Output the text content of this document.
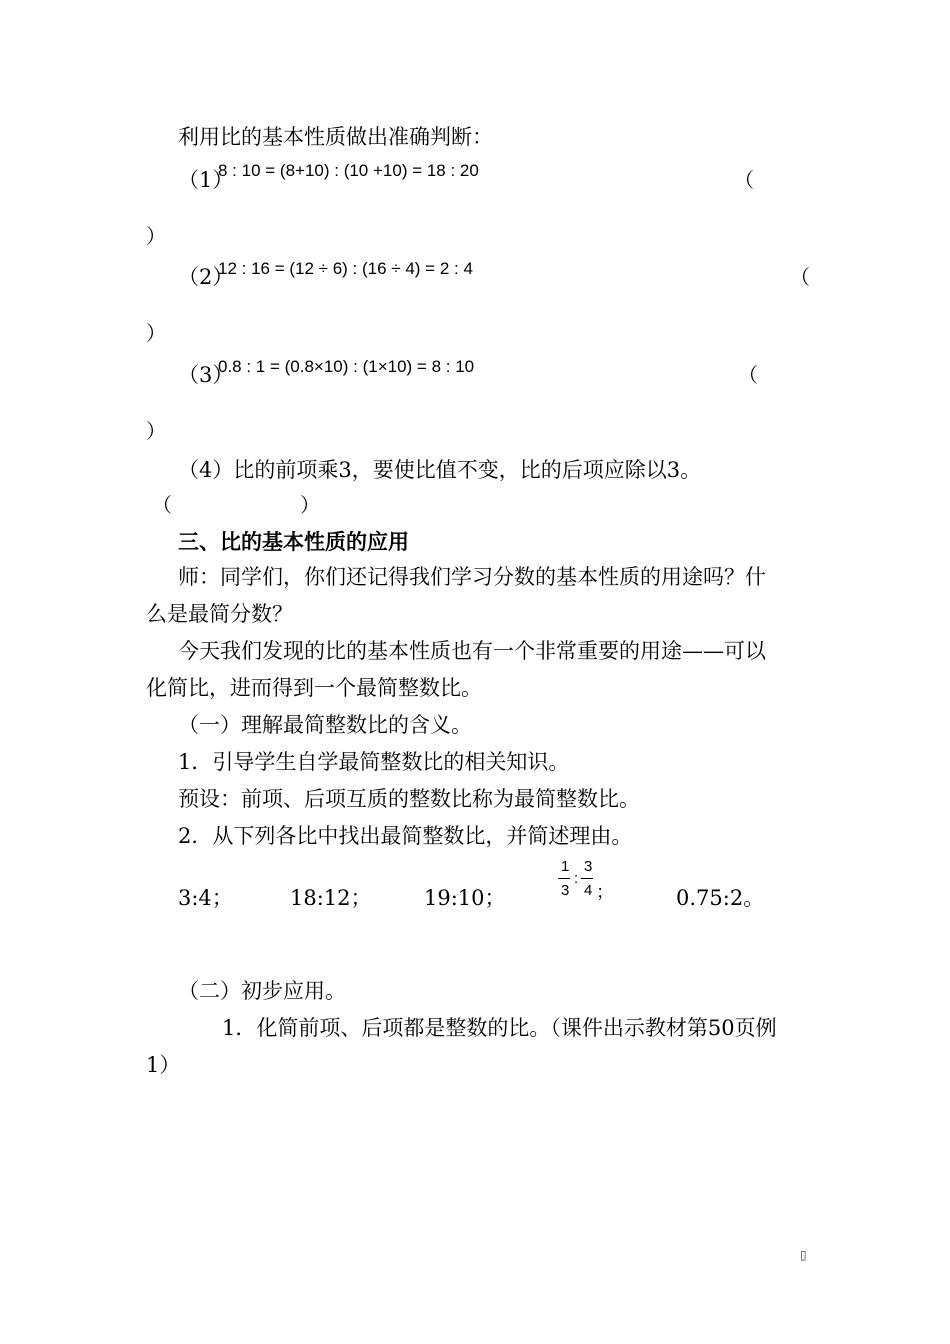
利用比的基本性质做出准确判断：
（1）
8 : 10 = (8+10) : (10 +10) = 18 : 20	（
）
（2）
12 : 16 = (12 ÷ 6) : (16 ÷ 4) = 2 : 4	（
）
（3）
0.8 : 1 = (0.8×10) : (1×10) = 8 : 10	（
）
（4）比的前项乘3，要使比值不变，比的后项应除以3。
（	）
三、比的基本性质的应用
师：同学们，你们还记得我们学习分数的基本性质的用途吗？什
么是最简分数？
今天我们发现的比的基本性质也有一个非常重要的用途——可以
化简比，进而得到一个最简整数比。
（一）理解最简整数比的含义。
1．引导学生自学最简整数比的相关知识。
预设：前项、后项互质的整数比称为最简整数比。
2．从下列各比中找出最简整数比，并简述理由。
3:4；	18:12； 19:10；
1
3
:
3
4 ；	0.75:2。
（二）初步应用。
1．化简前项、后项都是整数的比。（课件出示教材第50页例
1）
▯
